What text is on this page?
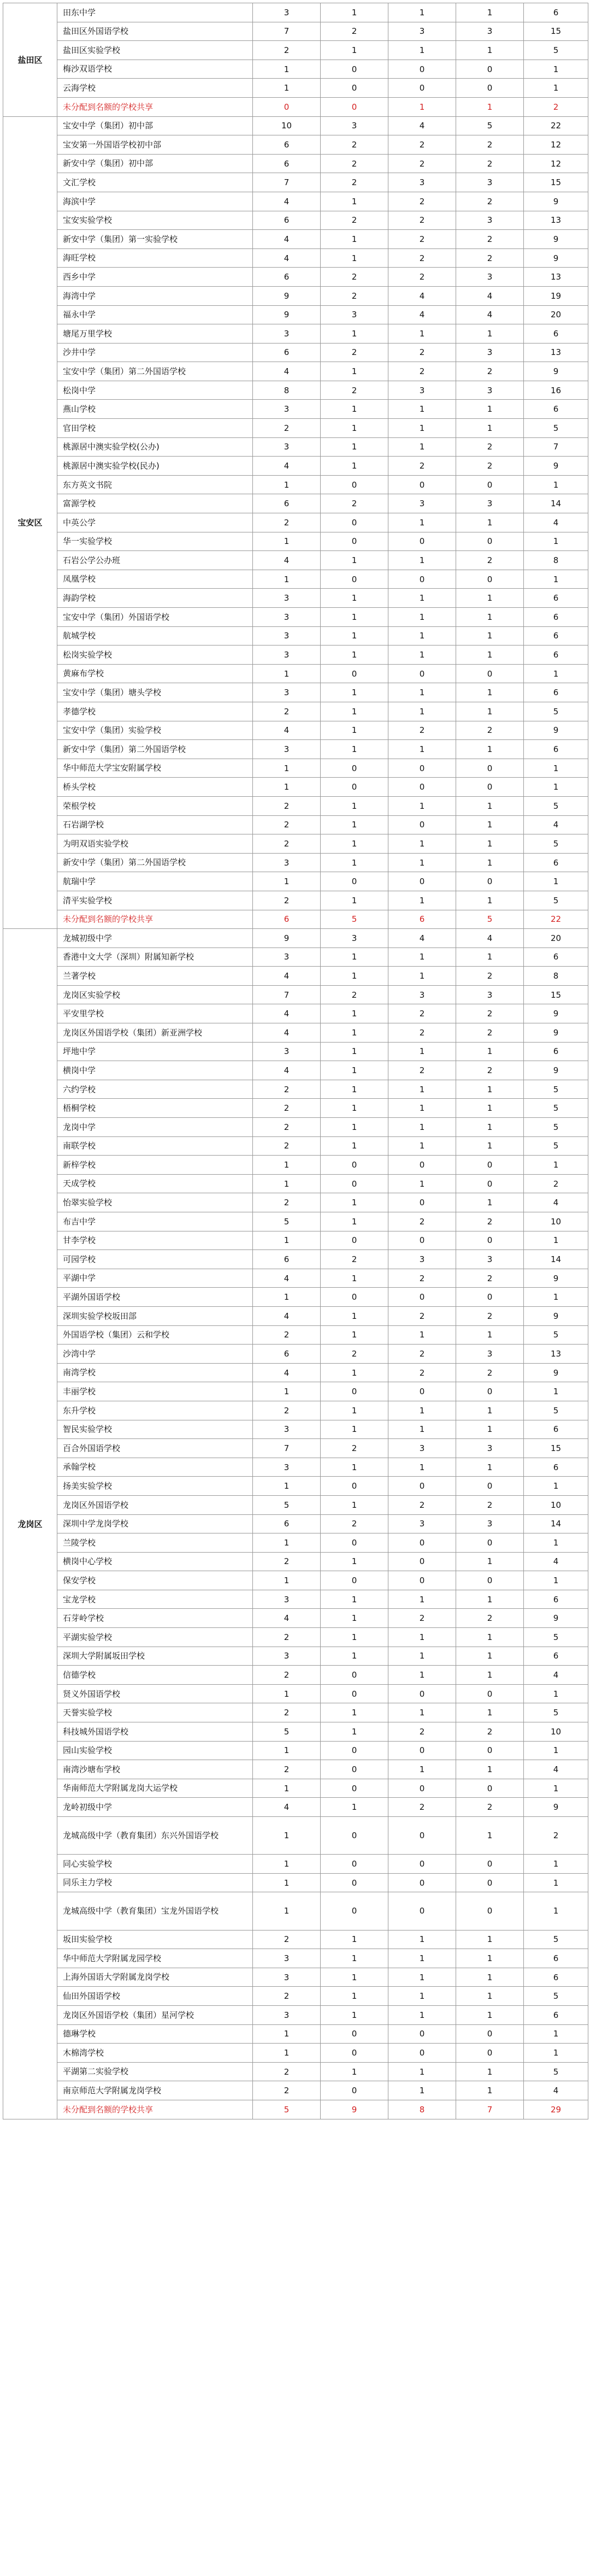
盐田区	田东中学	3	1	1	1	6
	盐田区外国语学校	7	2	3	3	15
	盐田区实验学校	2	1	1	1	5
	梅沙双语学校	1	0	0	0	1
	云海学校	1	0	0	0	1
	未分配到名额的学校共享	0	0	1	1	2
宝安区	宝安中学（集团）初中部	10	3	4	5	22
	宝安第一外国语学校初中部	6	2	2	2	12
	新安中学（集团）初中部	6	2	2	2	12
	文汇学校	7	2	3	3	15
	海滨中学	4	1	2	2	9
	宝安实验学校	6	2	2	3	13
	新安中学（集团）第一实验学校	4	1	2	2	9
	海旺学校	4	1	2	2	9
	西乡中学	6	2	2	3	13
	海湾中学	9	2	4	4	19
	福永中学	9	3	4	4	20
	塘尾万里学校	3	1	1	1	6
	沙井中学	6	2	2	3	13
	宝安中学（集团）第二外国语学校	4	1	2	2	9
	松岗中学	8	2	3	3	16
	燕山学校	3	1	1	1	6
	官田学校	2	1	1	1	5
	桃源居中澳实验学校(公办)	3	1	1	2	7
	桃源居中澳实验学校(民办)	4	1	2	2	9
	东方英文书院	1	0	0	0	1
	富源学校	6	2	3	3	14
	中英公学	2	0	1	1	4
	华一实验学校	1	0	0	0	1
	石岩公学公办班	4	1	1	2	8
	凤凰学校	1	0	0	0	1
	海韵学校	3	1	1	1	6
	宝安中学（集团）外国语学校	3	1	1	1	6
	航城学校	3	1	1	1	6
	松岗实验学校	3	1	1	1	6
	黄麻布学校	1	0	0	0	1
	宝安中学（集团）塘头学校	3	1	1	1	6
	孝德学校	2	1	1	1	5
	宝安中学（集团）实验学校	4	1	2	2	9
	新安中学（集团）第二外国语学校	3	1	1	1	6
	华中师范大学宝安附属学校	1	0	0	0	1
	桥头学校	1	0	0	0	1
	荣根学校	2	1	1	1	5
	石岩湖学校	2	1	0	1	4
	为明双语实验学校	2	1	1	1	5
	新安中学（集团）第二外国语学校	3	1	1	1	6
	航瑞中学	1	0	0	0	1
	清平实验学校	2	1	1	1	5
	未分配到名额的学校共享	6	5	6	5	22
龙岗区	龙城初级中学	9	3	4	4	20
	香港中文大学（深圳）附属知新学校	3	1	1	1	6
	兰著学校	4	1	1	2	8
	龙岗区实验学校	7	2	3	3	15
	平安里学校	4	1	2	2	9
	龙岗区外国语学校（集团）新亚洲学校	4	1	2	2	9
	坪地中学	3	1	1	1	6
	横岗中学	4	1	2	2	9
	六约学校	2	1	1	1	5
	梧桐学校	2	1	1	1	5
	龙岗中学	2	1	1	1	5
	南联学校	2	1	1	1	5
	新梓学校	1	0	0	0	1
	天成学校	1	0	1	0	2
	怡翠实验学校	2	1	0	1	4
	布吉中学	5	1	2	2	10
	甘李学校	1	0	0	0	1
	可园学校	6	2	3	3	14
	平湖中学	4	1	2	2	9
	平湖外国语学校	1	0	0	0	1
	深圳实验学校坂田部	4	1	2	2	9
	外国语学校（集团）云和学校	2	1	1	1	5
	沙湾中学	6	2	2	3	13
	南湾学校	4	1	2	2	9
	丰丽学校	1	0	0	0	1
	东升学校	2	1	1	1	5
	智民实验学校	3	1	1	1	6
	百合外国语学校	7	2	3	3	15
	承翰学校	3	1	1	1	6
	扬美实验学校	1	0	0	0	1
	龙岗区外国语学校	5	1	2	2	10
	深圳中学龙岗学校	6	2	3	3	14
	兰陵学校	1	0	0	0	1
	横岗中心学校	2	1	0	1	4
	保安学校	1	0	0	0	1
	宝龙学校	3	1	1	1	6
	石芽岭学校	4	1	2	2	9
	平湖实验学校	2	1	1	1	5
	深圳大学附属坂田学校	3	1	1	1	6
	信德学校	2	0	1	1	4
	贤义外国语学校	1	0	0	0	1
	天誉实验学校	2	1	1	1	5
	科技城外国语学校	5	1	2	2	10
	园山实验学校	1	0	0	0	1
	南湾沙塘布学校	2	0	1	1	4
	华南师范大学附属龙岗大运学校	1	0	0	0	1
	龙岭初级中学	4	1	2	2	9
	龙城高级中学（教育集团）东兴外国语学校	1	0	0	1	2
	同心实验学校	1	0	0	0	1
	同乐主力学校	1	0	0	0	1
	龙城高级中学（教育集团）宝龙外国语学校	1	0	0	0	1
	坂田实验学校	2	1	1	1	5
	华中师范大学附属龙园学校	3	1	1	1	6
	上海外国语大学附属龙岗学校	3	1	1	1	6
	仙田外国语学校	2	1	1	1	5
	龙岗区外国语学校（集团）星河学校	3	1	1	1	6
	德琳学校	1	0	0	0	1
	木棉湾学校	1	0	0	0	1
	平湖第二实验学校	2	1	1	1	5
	南京师范大学附属龙岗学校	2	0	1	1	4
	未分配到名额的学校共享	5	9	8	7	29
